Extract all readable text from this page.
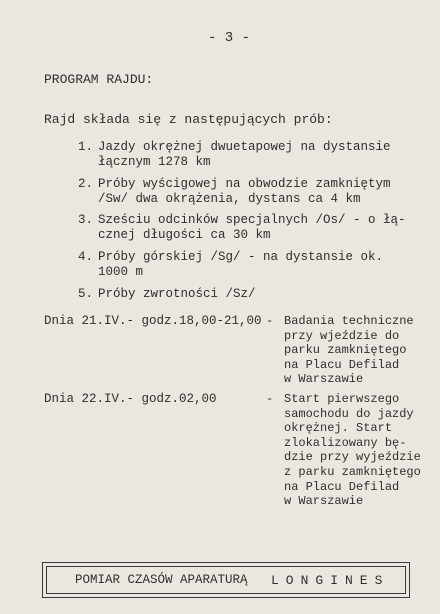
- 3 -
PROGRAM RAJDU:
Rajd składa się z następujących prób:
1. Jazdy okrężnej dwuetapowej na dystansie
łącznym 1278 km
2. Próby wyścigowej na obwodzie zamkniętym
/Sw/ dwa okrążenia, dystans ca 4 km
3. Sześciu odcinków specjalnych /Os/ - o łą-
cznej długości ca 30 km
4. Próby górskiej /Sg/ - na dystansie ok.
1000 m
5. Próby zwrotności /Sz/
Dnia 21.IV.- godz.18,00-21,00 - Badania techniczne
przy wjeździe do
parku zamkniętego
na Placu Defilad
w Warszawie
Dnia 22.IV.- godz.02,00	- Start pierwszego
samochodu do jazdy
okrężnej. Start
zlokalizowany bę-
dzie przy wyjeździe
z parku zamkniętego
na Placu Defilad
w Warszawie
POMIAR CZASÓW APARATURĄ LONGINES
